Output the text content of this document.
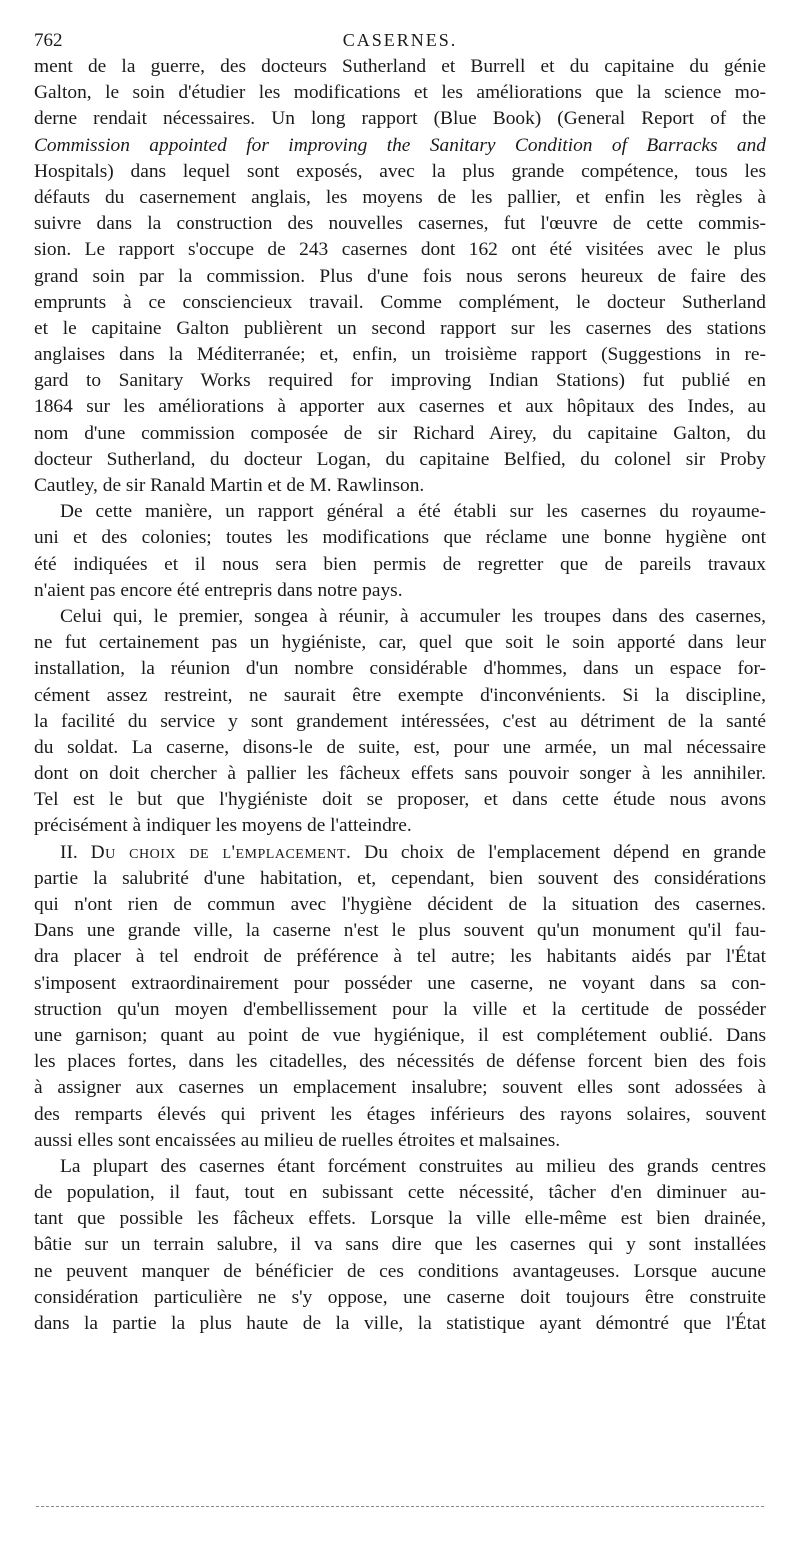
762	CASERNES.
ment de la guerre, des docteurs Sutherland et Burrell et du capitaine du génie
Galton, le soin d'étudier les modifications et les améliorations que la science mo-
derne rendait nécessaires. Un long rapport (Blue Book) (General Report of the
Commission appointed for improving the Sanitary Condition of Barracks and
Hospitals) dans lequel sont exposés, avec la plus grande compétence, tous les
défauts du casernement anglais, les moyens de les pallier, et enfin les règles à
suivre dans la construction des nouvelles casernes, fut l'œuvre de cette commis-
sion. Le rapport s'occupe de 243 casernes dont 162 ont été visitées avec le plus
grand soin par la commission. Plus d'une fois nous serons heureux de faire des
emprunts à ce consciencieux travail. Comme complément, le docteur Sutherland
et le capitaine Galton publièrent un second rapport sur les casernes des stations
anglaises dans la Méditerranée; et, enfin, un troisième rapport (Suggestions in re-
gard to Sanitary Works required for improving Indian Stations) fut publié en
1864 sur les améliorations à apporter aux casernes et aux hôpitaux des Indes, au
nom d'une commission composée de sir Richard Airey, du capitaine Galton, du
docteur Sutherland, du docteur Logan, du capitaine Belfied, du colonel sir Proby
Cautley, de sir Ranald Martin et de M. Rawlinson.
De cette manière, un rapport général a été établi sur les casernes du royaume-
uni et des colonies; toutes les modifications que réclame une bonne hygiène ont
été indiquées et il nous sera bien permis de regretter que de pareils travaux
n'aient pas encore été entrepris dans notre pays.
Celui qui, le premier, songea à réunir, à accumuler les troupes dans des casernes,
ne fut certainement pas un hygiéniste, car, quel que soit le soin apporté dans leur
installation, la réunion d'un nombre considérable d'hommes, dans un espace for-
cément assez restreint, ne saurait être exempte d'inconvénients. Si la discipline,
la facilité du service y sont grandement intéressées, c'est au détriment de la santé
du soldat. La caserne, disons-le de suite, est, pour une armée, un mal nécessaire
dont on doit chercher à pallier les fâcheux effets sans pouvoir songer à les annihiler.
Tel est le but que l'hygiéniste doit se proposer, et dans cette étude nous avons
précisément à indiquer les moyens de l'atteindre.
II. Du choix de l'emplacement. Du choix de l'emplacement dépend en grande
partie la salubrité d'une habitation, et, cependant, bien souvent des considérations
qui n'ont rien de commun avec l'hygiène décident de la situation des casernes.
Dans une grande ville, la caserne n'est le plus souvent qu'un monument qu'il fau-
dra placer à tel endroit de préférence à tel autre; les habitants aidés par l'État
s'imposent extraordinairement pour posséder une caserne, ne voyant dans sa con-
struction qu'un moyen d'embellissement pour la ville et la certitude de posséder
une garnison; quant au point de vue hygiénique, il est complétement oublié. Dans
les places fortes, dans les citadelles, des nécessités de défense forcent bien des fois
à assigner aux casernes un emplacement insalubre; souvent elles sont adossées à
des remparts élevés qui privent les étages inférieurs des rayons solaires, souvent
aussi elles sont encaissées au milieu de ruelles étroites et malsaines.
La plupart des casernes étant forcément construites au milieu des grands centres
de population, il faut, tout en subissant cette nécessité, tâcher d'en diminuer au-
tant que possible les fâcheux effets. Lorsque la ville elle-même est bien drainée,
bâtie sur un terrain salubre, il va sans dire que les casernes qui y sont installées
ne peuvent manquer de bénéficier de ces conditions avantageuses. Lorsque aucune
considération particulière ne s'y oppose, une caserne doit toujours être construite
dans la partie la plus haute de la ville, la statistique ayant démontré que l'État
